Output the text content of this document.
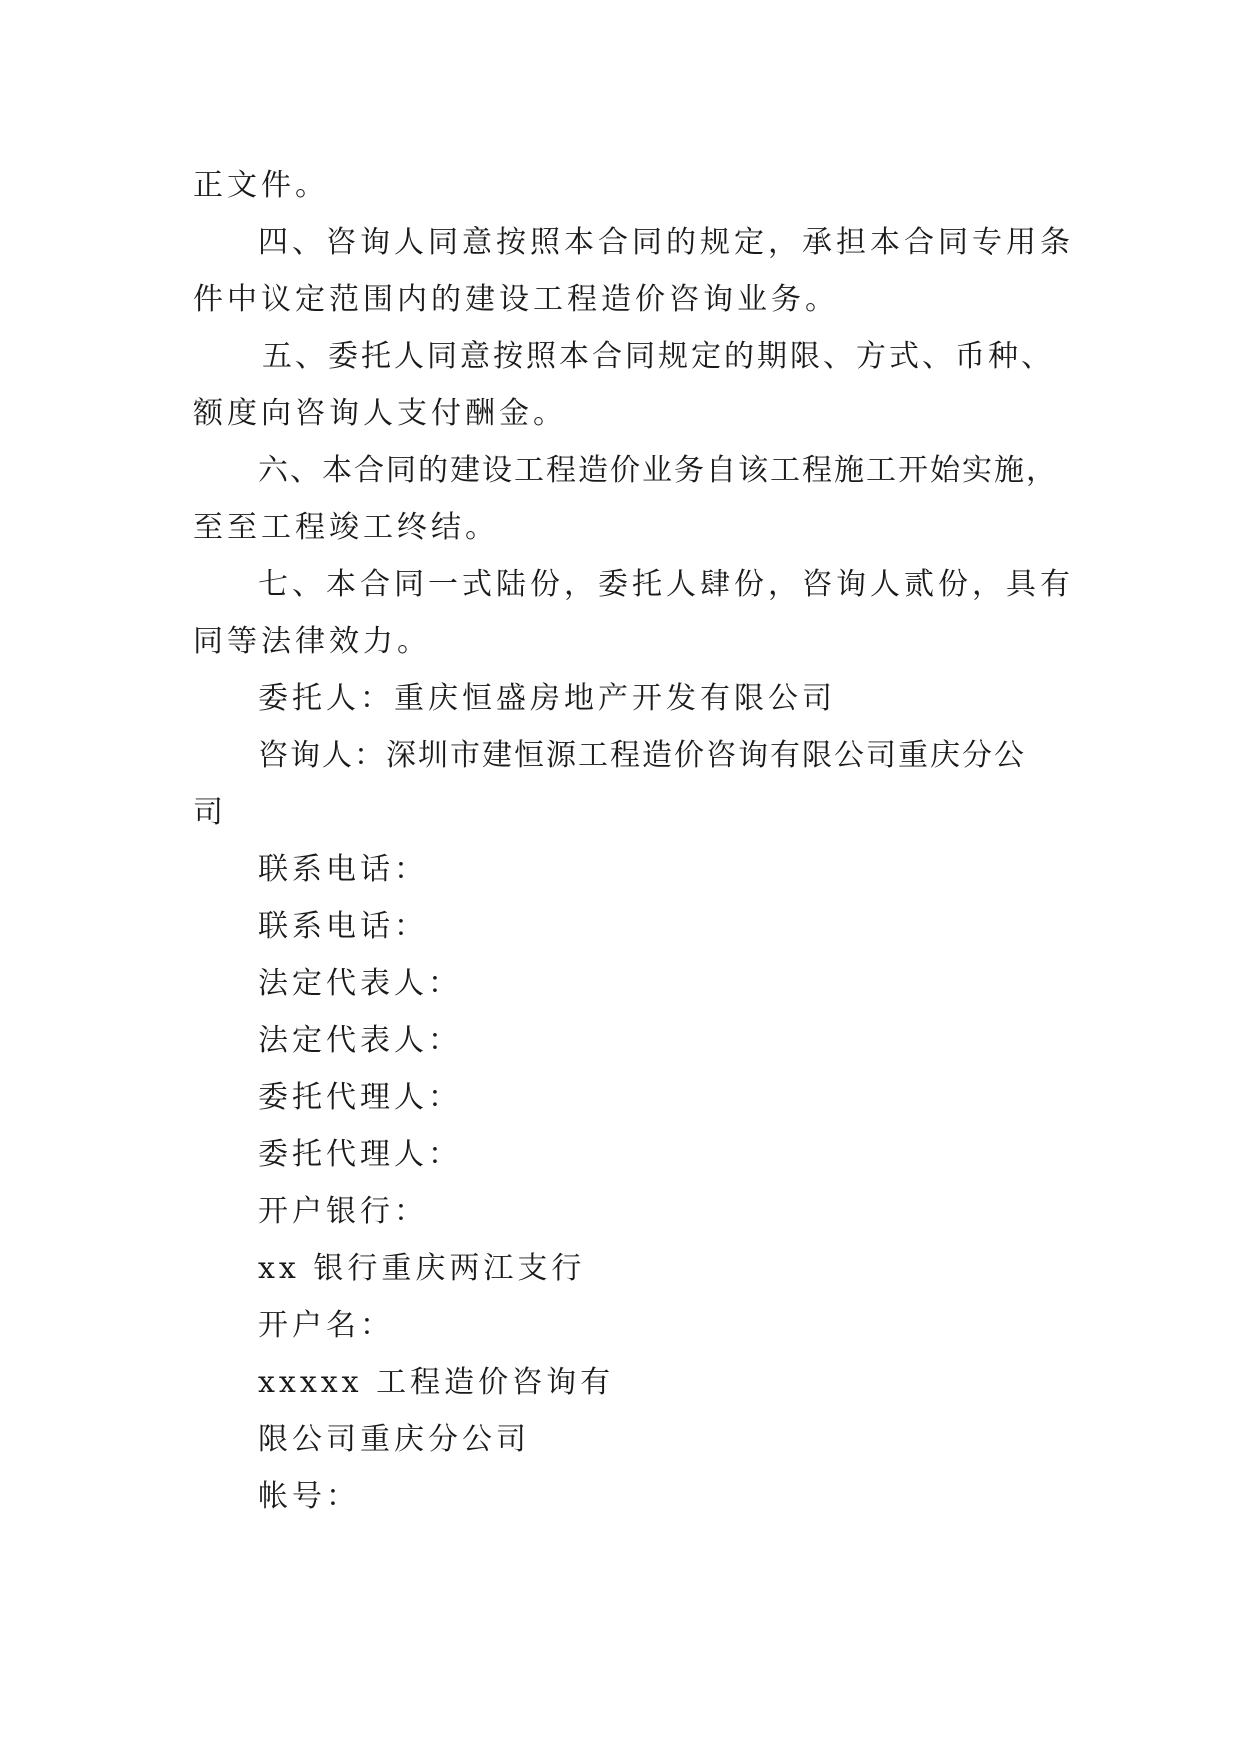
正文件。
四、咨询人同意按照本合同的规定，承担本合同专用条
件中议定范围内的建设工程造价咨询业务。
五、委托人同意按照本合同规定的期限、方式、币种、
额度向咨询人支付酬金。
六、本合同的建设工程造价业务自该工程施工开始实施，
至至工程竣工终结。
七、本合同一式陆份，委托人肆份，咨询人贰份，具有
同等法律效力。
委托人：重庆恒盛房地产开发有限公司
咨询人：深圳市建恒源工程造价咨询有限公司重庆分公
司
联系电话：
联系电话：
法定代表人：
法定代表人：
委托代理人：
委托代理人：
开户银行：
xx 银行重庆两江支行
开户名：
xxxxx 工程造价咨询有
限公司重庆分公司
帐号：
